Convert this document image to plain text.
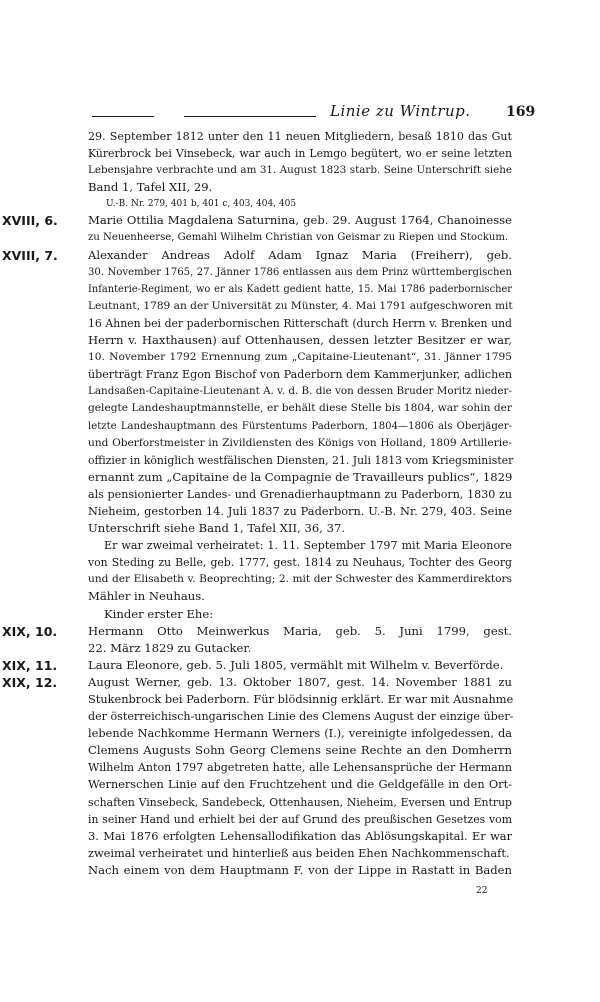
Linie zu Wintrup.	169
29. September 1812 unter den 11 neuen Mitgliedern, besaß 1810 das Gut
Kürerbrock bei Vinsebeck, war auch in Lemgo begütert, wo er seine letzten
Lebensjahre verbrachte und am 31. August 1823 starb. Seine Unterschrift siehe
Band 1, Tafel XII, 29.
U.-B. Nr. 279, 401 b, 401 c, 403, 404, 405
XVIII, 6.	Marie Ottilia Magdalena Saturnina, geb. 29. August 1764, Chanoinesse
zu Neuenheerse, Gemahl Wilhelm Christian von Geismar zu Riepen und Stockum.
XVIII, 7.	Alexander Andreas Adolf Adam Ignaz Maria (Freiherr), geb.
30. November 1765, 27. Jänner 1786 entlassen aus dem Prinz württembergischen
Infanterie-Regiment, wo er als Kadett gedient hatte, 15. Mai 1786 paderbornischer
Leutnant, 1789 an der Universität zu Münster, 4. Mai 1791 aufgeschworen mit
16 Ahnen bei der paderbornischen Ritterschaft (durch Herrn v. Brenken und
Herrn v. Haxthausen) auf Ottenhausen, dessen letzter Besitzer er war,
10. November 1792 Ernennung zum „Capitaine-Lieutenant“, 31. Jänner 1795
überträgt Franz Egon Bischof von Paderborn dem Kammerjunker, adlichen
Landsaßen-Capitaine-Lieutenant A. v. d. B. die von dessen Bruder Moritz nieder-
gelegte Landeshauptmannstelle, er behält diese Stelle bis 1804, war sohin der
letzte Landeshauptmann des Fürstentums Paderborn, 1804—1806 als Oberjäger-
und Oberforstmeister in Zivildiensten des Königs von Holland, 1809 Artillerie-
offizier in königlich westfälischen Diensten, 21. Juli 1813 vom Kriegsminister
ernannt zum „Capitaine de la Compagnie de Travailleurs publics“, 1829
als pensionierter Landes- und Grenadierhauptmann zu Paderborn, 1830 zu
Nieheim, gestorben 14. Juli 1837 zu Paderborn. U.-B. Nr. 279, 403. Seine
Unterschrift siehe Band 1, Tafel XII, 36, 37.
Er war zweimal verheiratet: 1. 11. September 1797 mit Maria Eleonore
von Steding zu Belle, geb. 1777, gest. 1814 zu Neuhaus, Tochter des Georg
und der Elisabeth v. Beoprechting; 2. mit der Schwester des Kammerdirektors
Mähler in Neuhaus.
Kinder erster Ehe:
XIX, 10.	Hermann Otto Meinwerkus Maria, geb. 5. Juni 1799, gest.
22. März 1829 zu Gutacker.
XIX, 11.	Laura Eleonore, geb. 5. Juli 1805, vermählt mit Wilhelm v. Beverförde.
XIX, 12.	August Werner, geb. 13. Oktober 1807, gest. 14. November 1881 zu
Stukenbrock bei Paderborn. Für blödsinnig erklärt. Er war mit Ausnahme
der österreichisch-ungarischen Linie des Clemens August der einzige über-
lebende Nachkomme Hermann Werners (I.), vereinigte infolgedessen, da
Clemens Augusts Sohn Georg Clemens seine Rechte an den Domherrn
Wilhelm Anton 1797 abgetreten hatte, alle Lehensansprüche der Hermann
Wernerschen Linie auf den Fruchtzehent und die Geldgefälle in den Ort-
schaften Vinsebeck, Sandebeck, Ottenhausen, Nieheim, Eversen und Entrup
in seiner Hand und erhielt bei der auf Grund des preußischen Gesetzes vom
3. Mai 1876 erfolgten Lehensallodifikation das Ablösungskapital. Er war
zweimal verheiratet und hinterließ aus beiden Ehen Nachkommenschaft.
Nach einem von dem Hauptmann F. von der Lippe in Rastatt in Baden
22
